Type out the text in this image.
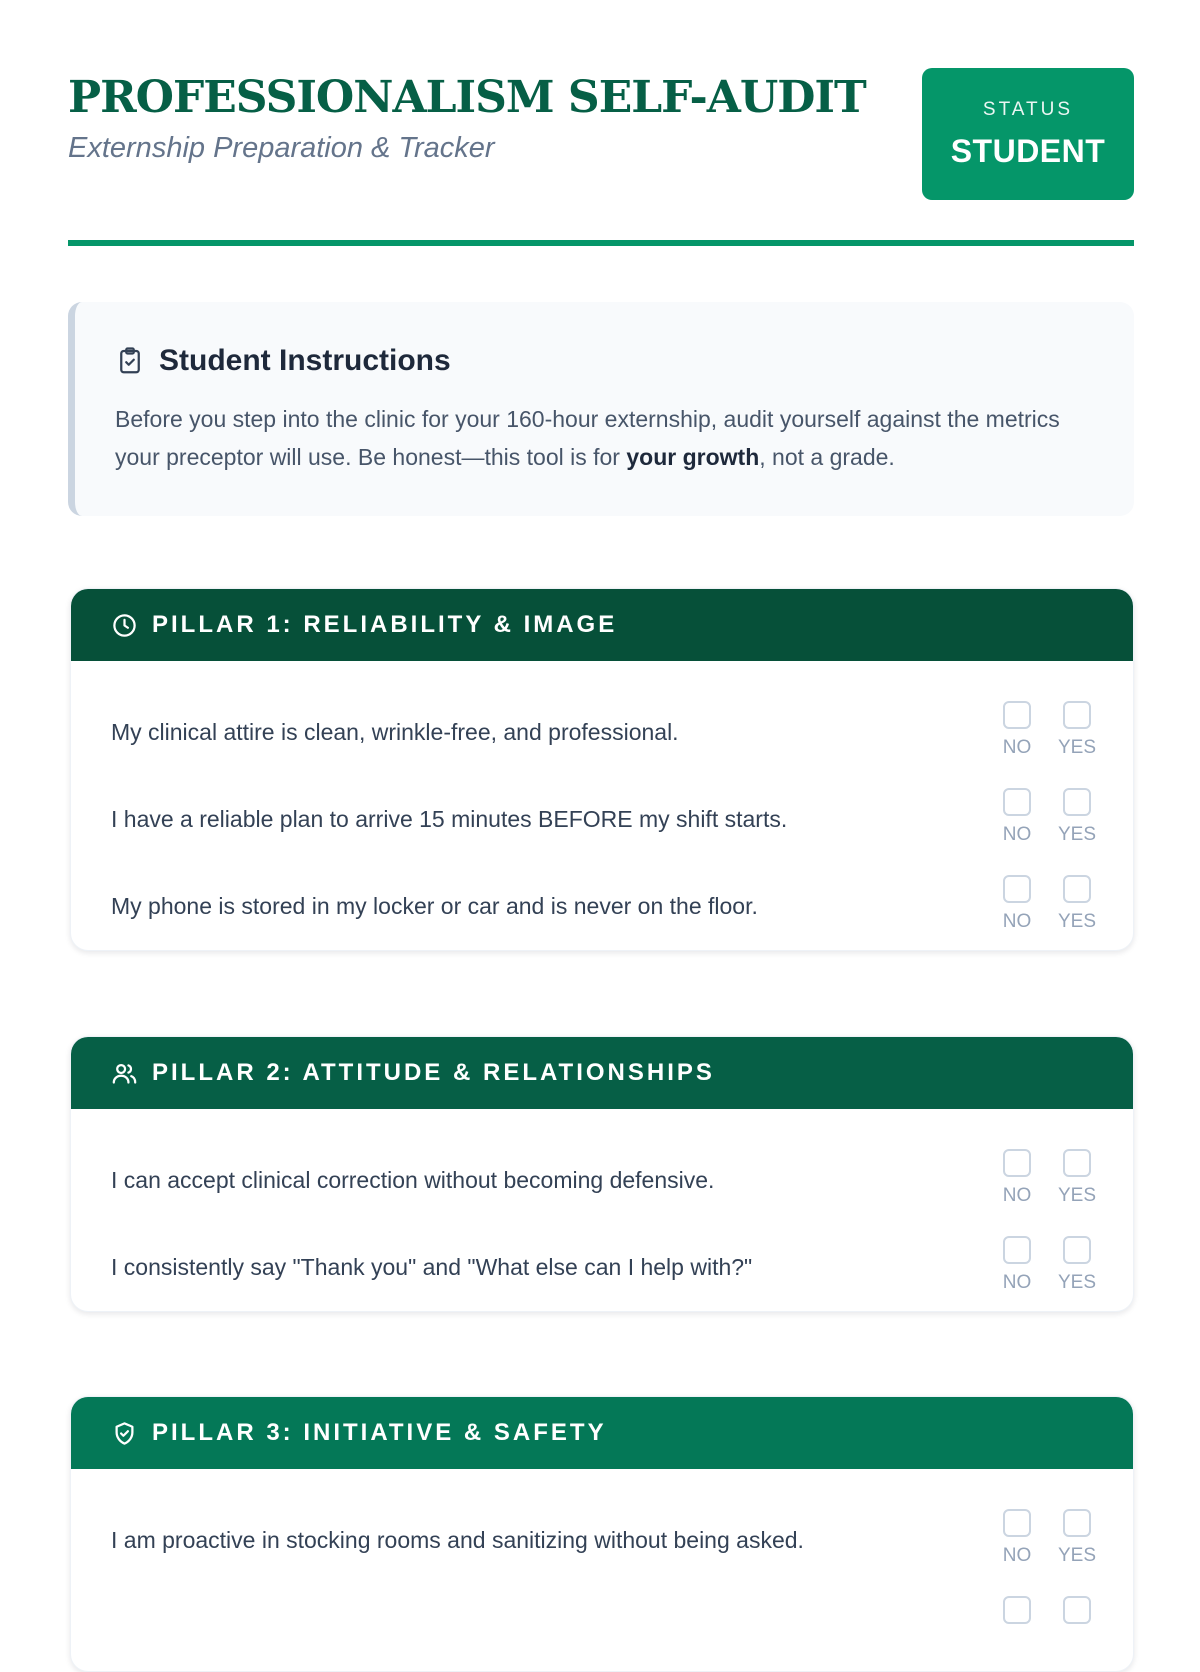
PROFESSIONALISM SELF-AUDIT
Externship Preparation & Tracker
STATUS
STUDENT
Student Instructions
Before you step into the clinic for your 160-hour externship, audit yourself against the metrics your preceptor will use. Be honest—this tool is for your growth, not a grade.
PILLAR 1: RELIABILITY & IMAGE
My clinical attire is clean, wrinkle-free, and professional.
NO YES
I have a reliable plan to arrive 15 minutes BEFORE my shift starts.
NO YES
My phone is stored in my locker or car and is never on the floor.
NO YES
PILLAR 2: ATTITUDE & RELATIONSHIPS
I can accept clinical correction without becoming defensive.
NO YES
I consistently say "Thank you" and "What else can I help with?"
NO YES
PILLAR 3: INITIATIVE & SAFETY
I am proactive in stocking rooms and sanitizing without being asked.
NO YES
